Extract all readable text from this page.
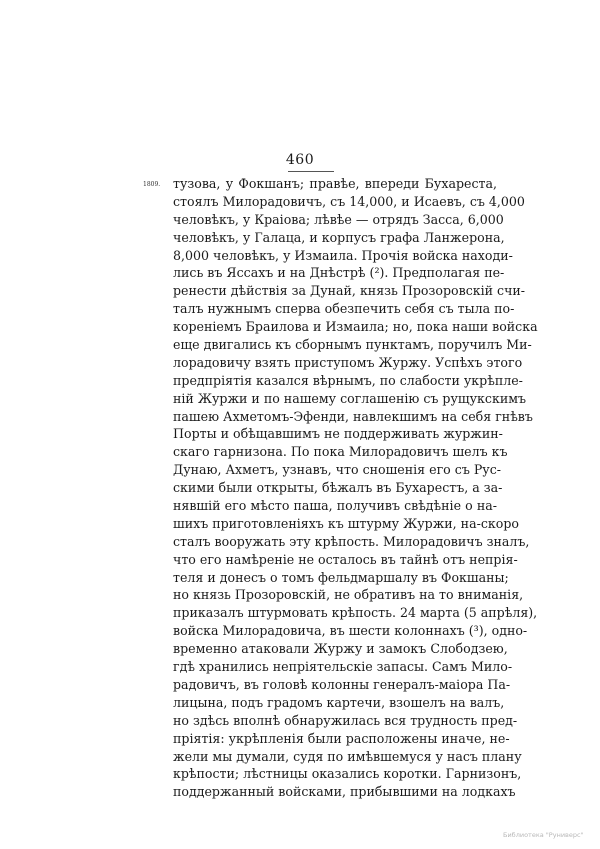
460
1809. тузова, у Фокшанъ; правѣе, впереди Бухареста,
стоялъ Милорадовичъ, съ 14,000, и Исаевъ, съ 4,000
человѣкъ, у Краiова; лѣвѣе — отрядъ Засса, 6,000
человѣкъ, у Галаца, и корпусъ графа Ланжерона,
8,000 человѣкъ, у Измаила. Прочiя войска находи-
лись въ Яссахъ и на Днѣстрѣ (²). Предполагая пе-
ренести дѣйствiя за Дунай, князь Прозоровскiй счи-
талъ нужнымъ сперва обезпечить себя съ тыла по-
коренiемъ Браилова и Измаила; но, пока наши войска
еще двигались къ сборнымъ пунктамъ, поручилъ Ми-
лорадовичу взять приступомъ Журжу. Успѣхъ этого
предпрiятiя казался вѣрнымъ, по слабости укрѣпле-
нiй Журжи и по нашему соглашенiю съ рущукскимъ
пашею Ахметомъ-Эфенди, навлекшимъ на себя гнѣвъ
Порты и обѣщавшимъ не поддерживать журжин-
скаго гарнизона. По пока Милорадовичъ шелъ къ
Дунаю, Ахметъ, узнавъ, что сношенiя его съ Рус-
скими были открыты, бѣжалъ въ Бухарестъ, а за-
нявшiй его мѣсто паша, получивъ свѣдѣнiе о на-
шихъ приготовленiяхъ къ штурму Журжи, на-скоро
сталъ вооружать эту крѣпость. Милорадовичъ зналъ,
что его намѣренiе не осталось въ тайнѣ отъ непрiя-
теля и донесъ о томъ фельдмаршалу въ Фокшаны;
но князь Прозоровскiй, не обративъ на то вниманiя,
приказалъ штурмовать крѣпость. 24 марта (5 апрѣля),
войска Милорадовича, въ шести колоннахъ (³), одно-
временно атаковали Журжу и замокъ Слободзею,
гдѣ хранились непрiятельскiе запасы. Самъ Мило-
радовичъ, въ головѣ колонны генералъ-маiора Па-
лицына, подъ градомъ картечи, взошелъ на валъ,
но здѣсь вполнѣ обнаружилась вся трудность пред-
прiятiя: укрѣпленiя были расположены иначе, не-
жели мы думали, судя по имѣвшемуся у насъ плану
крѣпости; лѣстницы оказались коротки. Гарнизонъ,
поддержанный войсками, прибывшими на лодкахъ
Библиотека "Руниверс"
